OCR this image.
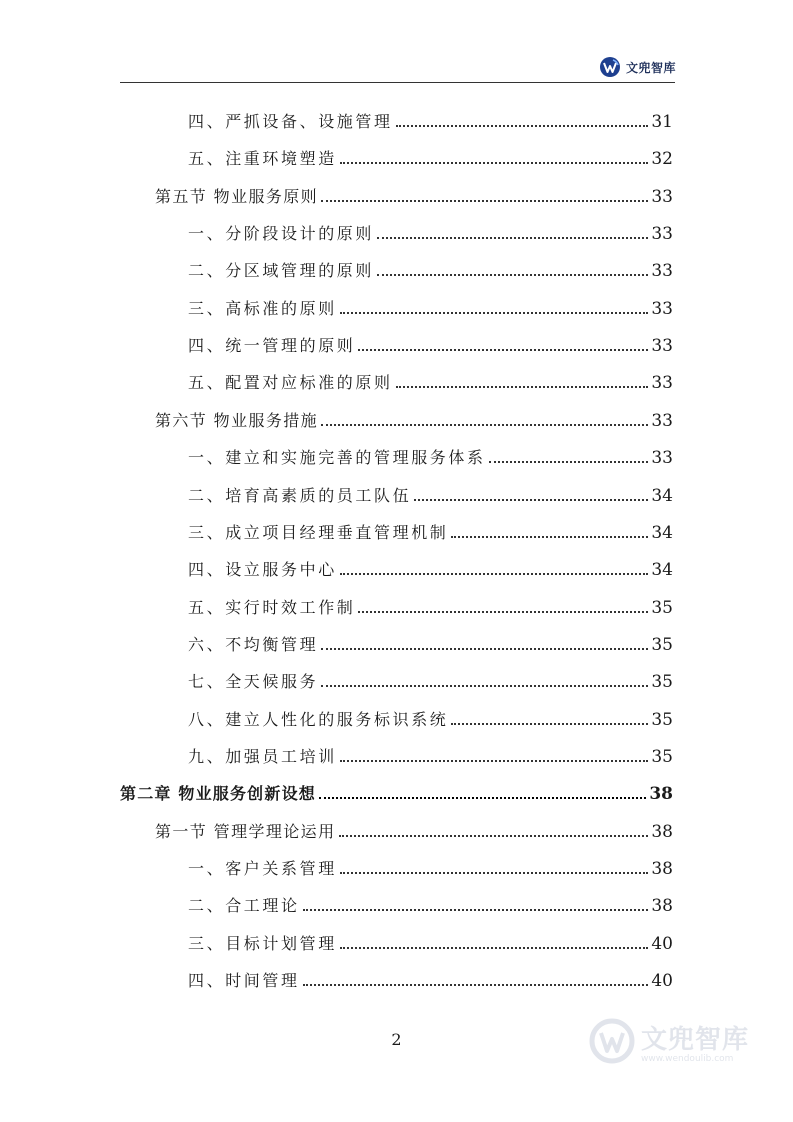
文兜智库
四、严抓设备、设施管理	31
五、注重环境塑造	32
第五节 物业服务原则	33
一、分阶段设计的原则	33
二、分区域管理的原则	33
三、高标准的原则	33
四、统一管理的原则	33
五、配置对应标准的原则	33
第六节 物业服务措施	33
一、建立和实施完善的管理服务体系	33
二、培育高素质的员工队伍	34
三、成立项目经理垂直管理机制	34
四、设立服务中心	34
五、实行时效工作制	35
六、不均衡管理	35
七、全天候服务	35
八、建立人性化的服务标识系统	35
九、加强员工培训	35
第二章 物业服务创新设想	38
第一节 管理学理论运用	38
一、客户关系管理	38
二、合工理论	38
三、目标计划管理	40
四、时间管理	40
2	文兜智库
www.wendoulib.com
